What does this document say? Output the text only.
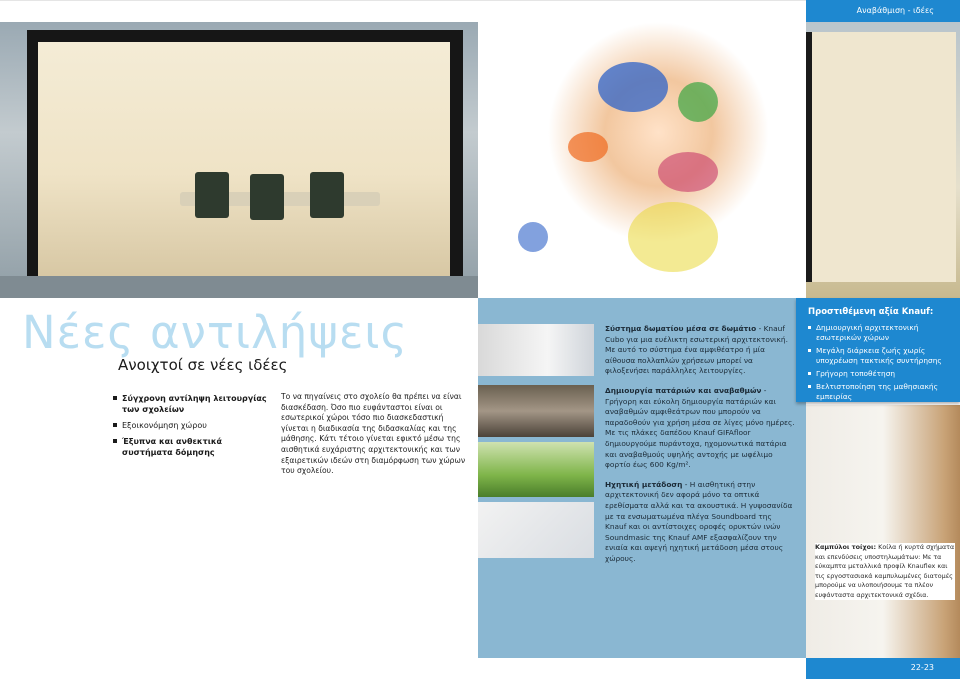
Αναβάθμιση - ιδέες
Νέες αντιλήψεις
Ανοιχτοί σε νέες ιδέες
Σύγχρονη αντίληψη λειτουργίας των σχολείων
Εξοικονόμηση χώρου
Έξυπνα και ανθεκτικά συστήματα δόμησης
Το να πηγαίνεις στο σχολείο θα πρέπει να είναι διασκέδαση. Όσο πιο ευφάνταστοι είναι οι εσωτερικοί χώροι τόσο πιο διασκεδαστική γίνεται η διαδικασία της διδασκαλίας και της μάθησης. Κάτι τέτοιο γίνεται εφικτό μέσω της αισθητικά ευχάριστης αρχιτεκτονικής και των εξαιρετικών ιδεών στη διαμόρφωση των χώρων του σχολείου.

Σύστημα δωματίου μέσα σε δωμάτιο - Knauf Cubo για μια ευέλικτη εσωτερική αρχιτεκτονική. Με αυτό το σύστημα ένα αμφιθέατρο ή μία αίθουσα πολλαπλών χρήσεων μπορεί να φιλοξενήσει παράλληλες λειτουργίες.

Δημιουργία πατάριών και αναβαθμών - Γρήγορη και εύκολη δημιουργία πατάριών και αναβαθμών αμφιθεάτρων που μπορούν να παραδοθούν για χρήση μέσα σε λίγες μόνο ημέρες. Με τις πλάκες δαπέδου Knauf GIFAfloor δημιουργούμε πυράντοχα, ηχομονωτικά πατάρια και αναβαθμούς υψηλής αντοχής με ωφέλιμο φορτίο έως 600 Kg/m².

Ηχητική μετάδοση - Η αισθητική στην αρχιτεκτονική δεν αφορά μόνο τα οπτικά ερεθίσματα αλλά και τα ακουστικά. Η γυψοσανίδα με τα ενσωματωμένα πλέγα Soundboard της Knauf και οι αντίστοιχες οροφές ορυκτών ινών Soundmasic της Knauf AMF εξασφαλίζουν την ενιαία και αψεγή ηχητική μετάδοση μέσα στους χώρους.

Προστιθέμενη αξία Knauf:
Δημιουργική αρχιτεκτονική εσωτερικών χώρων
Μεγάλη διάρκεια ζωής χωρίς υποχρέωση τακτικής συντήρησης
Γρήγορη τοποθέτηση
Βελτιστοποίηση της μαθησιακής εμπειρίας
Καμπύλοι τοίχοι: Κοίλα ή κυρτά σχήματα και επενδύσεις υποστηλωμάτων: Με τα εύκαμπτα μεταλλικά προφίλ Knauflex και τις εργοστασιακά καμπυλωμένες διατομές μπορούμε να υλοποιήσουμε τα πλέον ευφάνταστα αρχιτεκτονικά σχέδια.
22-23
